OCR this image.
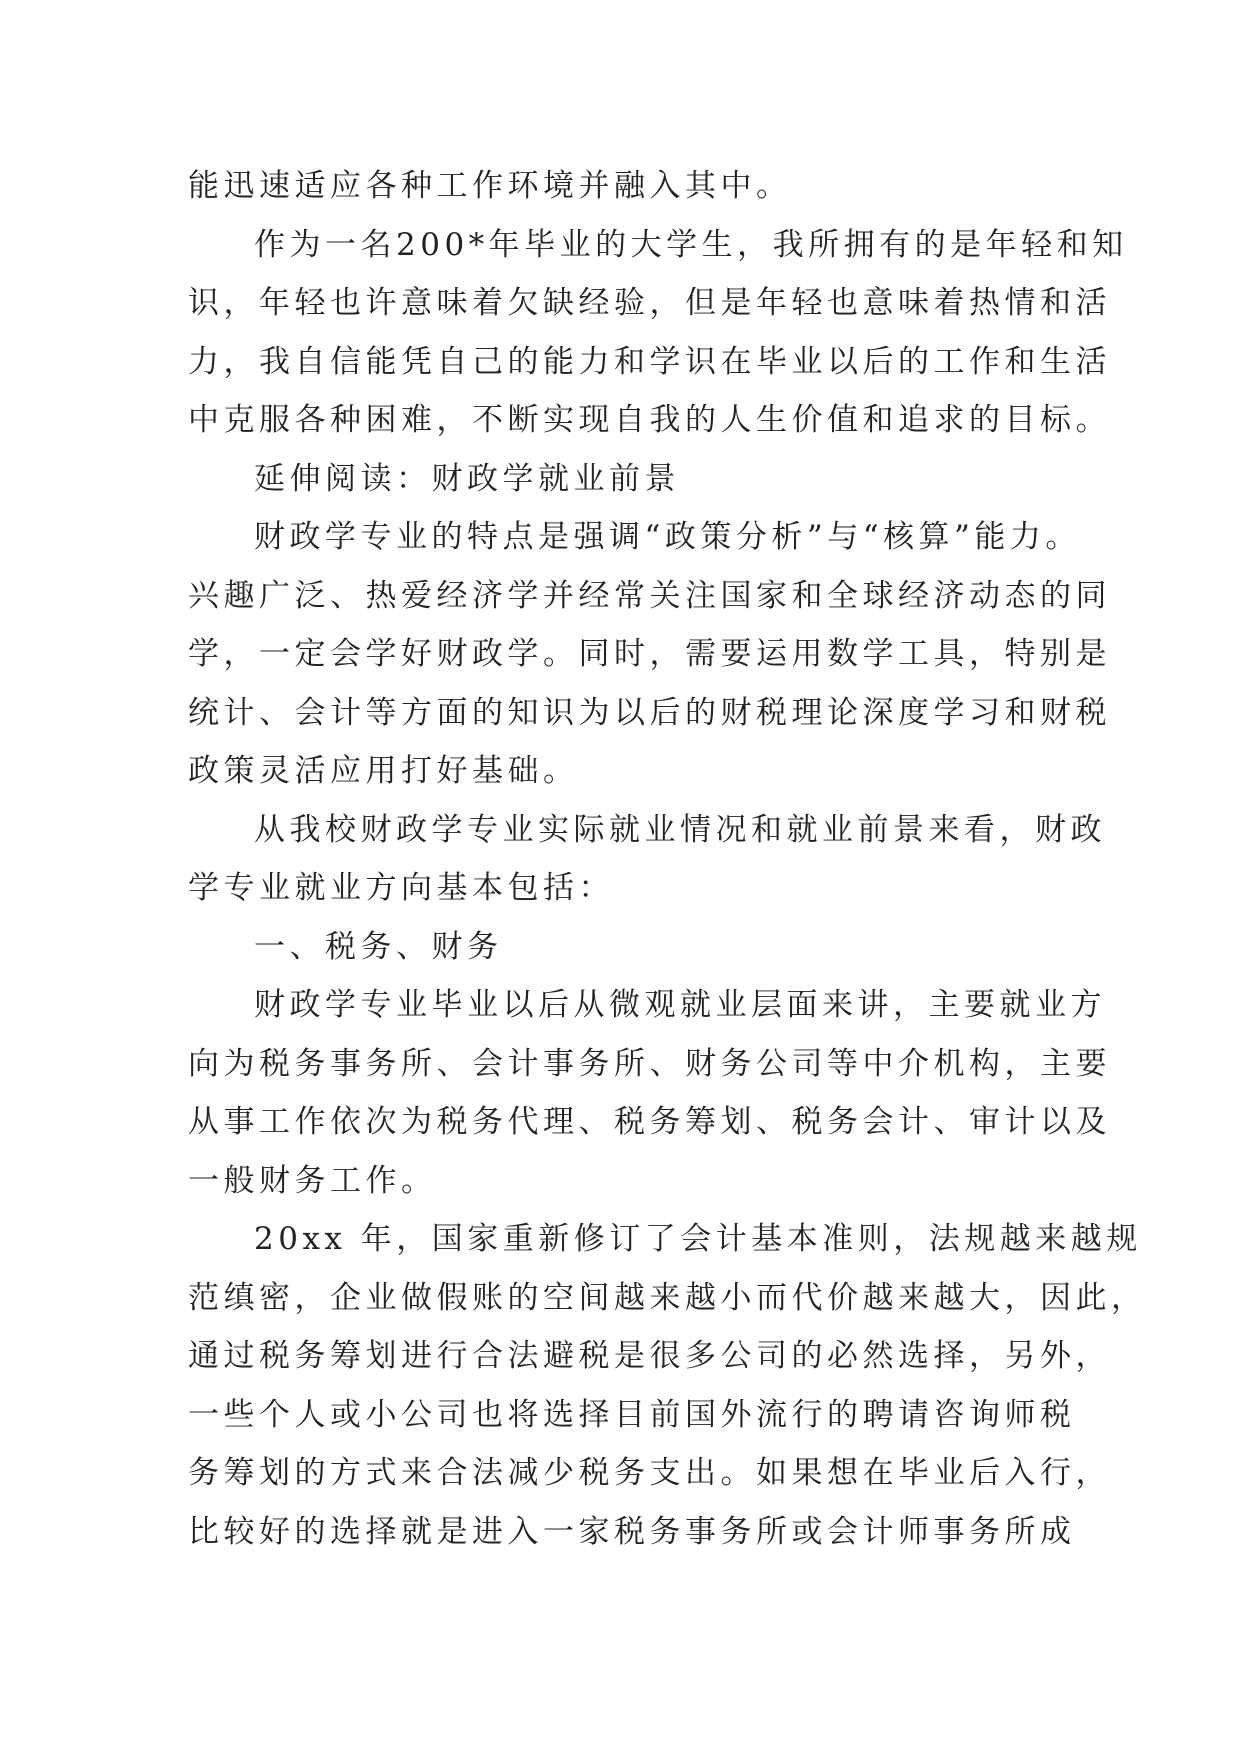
能迅速适应各种工作环境并融入其中。
作为一名200*年毕业的大学生，我所拥有的是年轻和知
识，年轻也许意味着欠缺经验，但是年轻也意味着热情和活
力，我自信能凭自己的能力和学识在毕业以后的工作和生活
中克服各种困难，不断实现自我的人生价值和追求的目标。
延伸阅读：财政学就业前景
财政学专业的特点是强调“政策分析”与“核算”能力。
兴趣广泛、热爱经济学并经常关注国家和全球经济动态的同
学，一定会学好财政学。同时，需要运用数学工具，特别是
统计、会计等方面的知识为以后的财税理论深度学习和财税
政策灵活应用打好基础。
从我校财政学专业实际就业情况和就业前景来看，财政
学专业就业方向基本包括：
一、税务、财务
财政学专业毕业以后从微观就业层面来讲，主要就业方
向为税务事务所、会计事务所、财务公司等中介机构，主要
从事工作依次为税务代理、税务筹划、税务会计、审计以及
一般财务工作。
20xx 年，国家重新修订了会计基本准则，法规越来越规
范缜密，企业做假账的空间越来越小而代价越来越大，因此，
通过税务筹划进行合法避税是很多公司的必然选择，另外，
一些个人或小公司也将选择目前国外流行的聘请咨询师税
务筹划的方式来合法减少税务支出。如果想在毕业后入行，
比较好的选择就是进入一家税务事务所或会计师事务所成
